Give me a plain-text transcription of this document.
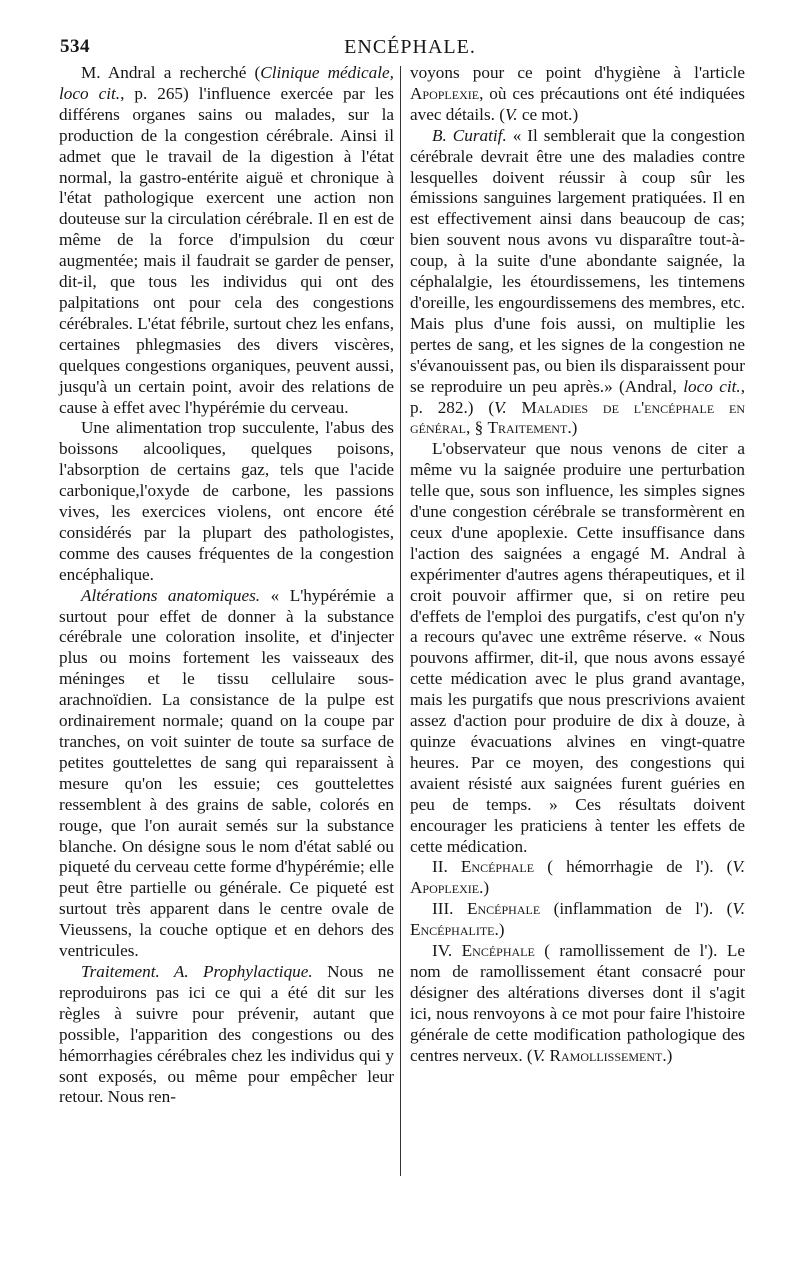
534	ENCÉPHALE.

M. Andral a recherché (Clinique médicale, loco cit., p. 265) l'influence exercée par les différens organes sains ou malades, sur la production de la congestion cérébrale. Ainsi il admet que le travail de la digestion à l'état normal, la gastro-entérite aiguë et chronique à l'état pathologique exercent une action non douteuse sur la circulation cérébrale. Il en est de même de la force d'impulsion du cœur augmentée; mais il faudrait se garder de penser, dit-il, que tous les individus qui ont des palpitations ont pour cela des congestions cérébrales. L'état fébrile, surtout chez les enfans, certaines phlegmasies des divers viscères, quelques congestions organiques, peuvent aussi, jusqu'à un certain point, avoir des relations de cause à effet avec l'hypérémie du cerveau.

Une alimentation trop succulente, l'abus des boissons alcooliques, quelques poisons, l'absorption de certains gaz, tels que l'acide carbonique,l'oxyde de carbone, les passions vives, les exercices violens, ont encore été considérés par la plupart des pathologistes, comme des causes fréquentes de la congestion encéphalique.

Altérations anatomiques. « L'hypérémie a surtout pour effet de donner à la substance cérébrale une coloration insolite, et d'injecter plus ou moins fortement les vaisseaux des méninges et le tissu cellulaire sous-arachnoïdien. La consistance de la pulpe est ordinairement normale; quand on la coupe par tranches, on voit suinter de toute sa surface de petites gouttelettes de sang qui reparaissent à mesure qu'on les essuie; ces gouttelettes ressemblent à des grains de sable, colorés en rouge, que l'on aurait semés sur la substance blanche. On désigne sous le nom d'état sablé ou piqueté du cerveau cette forme d'hypérémie; elle peut être partielle ou générale. Ce piqueté est surtout très apparent dans le centre ovale de Vieussens, la couche optique et en dehors des ventricules.

Traitement. A. Prophylactique. Nous ne reproduirons pas ici ce qui a été dit sur les règles à suivre pour prévenir, autant que possible, l'apparition des congestions ou des hémorrhagies cérébrales chez les individus qui y sont exposés, ou même pour empêcher leur retour. Nous ren-

voyons pour ce point d'hygiène à l'article Apoplexie, où ces précautions ont été indiquées avec détails. (V. ce mot.)

B. Curatif. « Il semblerait que la congestion cérébrale devrait être une des maladies contre lesquelles doivent réussir à coup sûr les émissions sanguines largement pratiquées. Il en est effectivement ainsi dans beaucoup de cas; bien souvent nous avons vu disparaître tout-à-coup, à la suite d'une abondante saignée, la céphalalgie, les étourdissemens, les tintemens d'oreille, les engourdissemens des membres, etc. Mais plus d'une fois aussi, on multiplie les pertes de sang, et les signes de la congestion ne s'évanouissent pas, ou bien ils disparaissent pour se reproduire un peu après.» (Andral, loco cit., p. 282.) (V. Maladies de l'encéphale en général, § Traitement.)

L'observateur que nous venons de citer a même vu la saignée produire une perturbation telle que, sous son influence, les simples signes d'une congestion cérébrale se transformèrent en ceux d'une apoplexie. Cette insuffisance dans l'action des saignées a engagé M. Andral à expérimenter d'autres agens thérapeutiques, et il croit pouvoir affirmer que, si on retire peu d'effets de l'emploi des purgatifs, c'est qu'on n'y a recours qu'avec une extrême réserve. « Nous pouvons affirmer, dit-il, que nous avons essayé cette médication avec le plus grand avantage, mais les purgatifs que nous prescrivions avaient assez d'action pour produire de dix à douze, à quinze évacuations alvines en vingt-quatre heures. Par ce moyen, des congestions qui avaient résisté aux saignées furent guéries en peu de temps. » Ces résultats doivent encourager les praticiens à tenter les effets de cette médication.

II. Encéphale ( hémorrhagie de l'). (V. Apoplexie.)

III. Encéphale (inflammation de l'). (V. Encéphalite.)

IV. Encéphale ( ramollissement de l'). Le nom de ramollissement étant consacré pour désigner des altérations diverses dont il s'agit ici, nous renvoyons à ce mot pour faire l'histoire générale de cette modification pathologique des centres nerveux. (V. Ramollissement.)
